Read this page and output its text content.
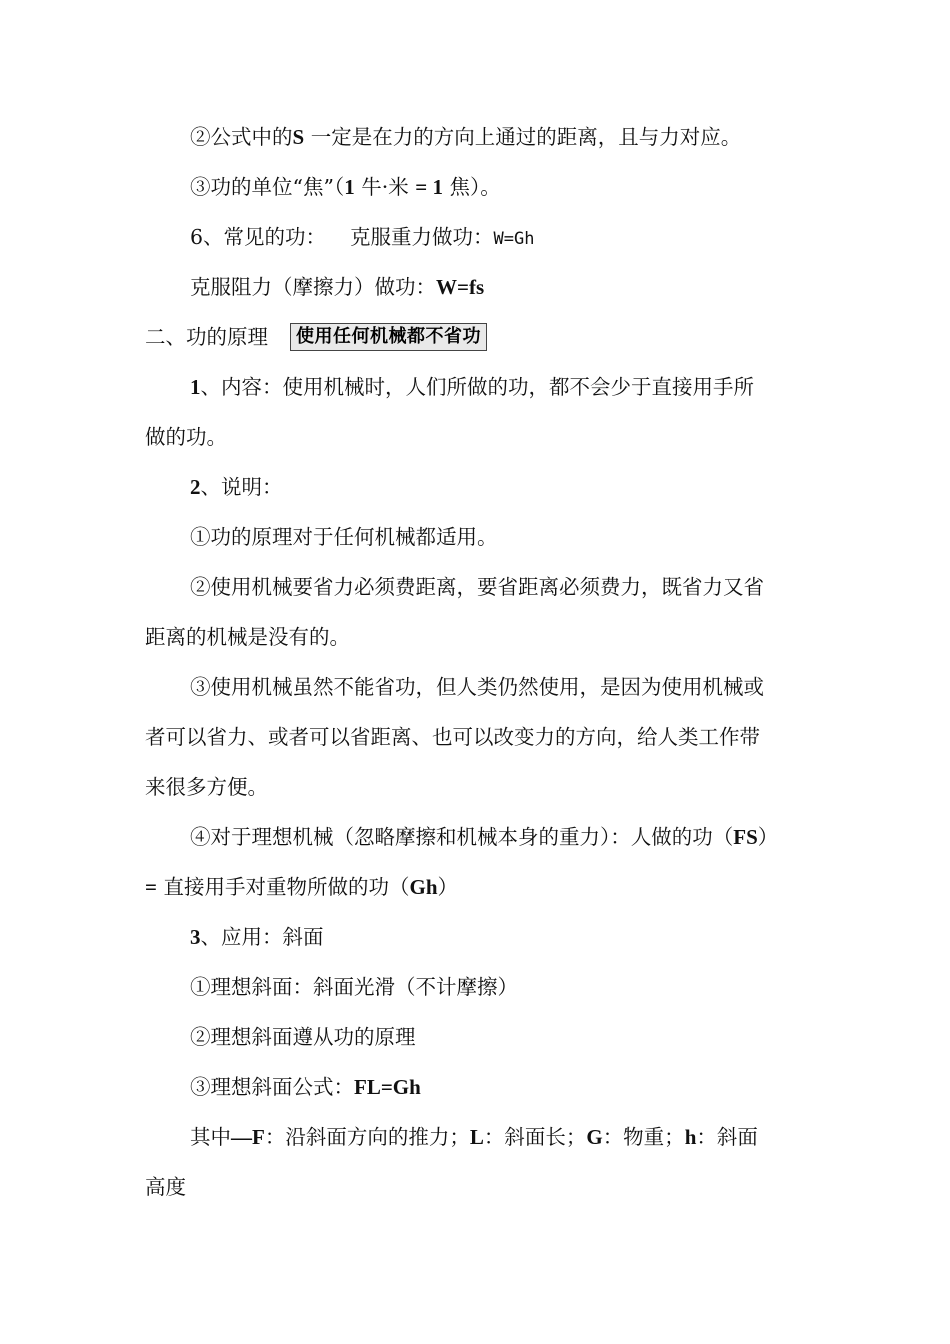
②公式中的S 一定是在力的方向上通过的距离，且与力对应。
③功的单位“焦”（1 牛·米 = 1 焦）。
6、常见的功： 克服重力做功：W=Gh
克服阻力（摩擦力）做功：W=fs
二、功的原理 使用任何机械都不省功
1、内容：使用机械时，人们所做的功，都不会少于直接用手所
做的功。
2、说明：
①功的原理对于任何机械都适用。
②使用机械要省力必须费距离，要省距离必须费力，既省力又省
距离的机械是没有的。
③使用机械虽然不能省功，但人类仍然使用，是因为使用机械或
者可以省力、或者可以省距离、也可以改变力的方向，给人类工作带
来很多方便。
④对于理想机械（忽略摩擦和机械本身的重力）：人做的功（FS）
= 直接用手对重物所做的功（Gh）
3、应用：斜面
①理想斜面：斜面光滑（不计摩擦）
②理想斜面遵从功的原理
③理想斜面公式：FL=Gh
其中—F：沿斜面方向的推力；L：斜面长；G：物重；h：斜面
高度
